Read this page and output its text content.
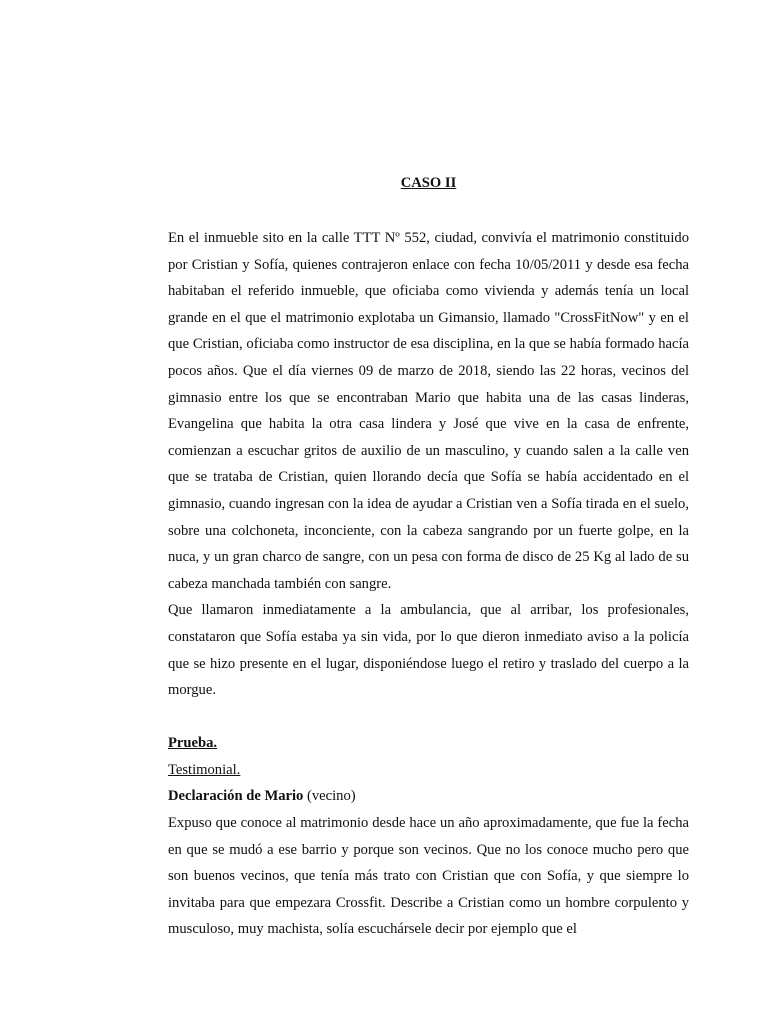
CASO II

En el inmueble sito en la calle TTT Nº 552, ciudad, convivía el matrimonio constituido por Cristian y Sofía, quienes contrajeron enlace con fecha 10/05/2011 y desde esa fecha habitaban el referido inmueble, que oficiaba como vivienda y además tenía un local grande en el que el matrimonio explotaba un Gimansio, llamado "CrossFitNow" y en el que Cristian, oficiaba como instructor de esa disciplina, en la que se había formado hacía pocos años. Que el día viernes 09 de marzo de 2018, siendo las 22 horas, vecinos del gimnasio entre los que se encontraban Mario que habita una de las casas linderas, Evangelina que habita la otra casa lindera y José que vive en la casa de enfrente, comienzan a escuchar gritos de auxilio de un masculino, y cuando salen a la calle ven que se trataba de Cristian, quien llorando decía que Sofía se había accidentado en el gimnasio, cuando ingresan con la idea de ayudar a Cristian ven a Sofía tirada en el suelo, sobre una colchoneta, inconciente, con la cabeza sangrando por un fuerte golpe, en la nuca, y un gran charco de sangre, con un pesa con forma de disco de 25 Kg al lado de su cabeza manchada también con sangre.

Que llamaron inmediatamente a la ambulancia, que al arribar, los profesionales, constataron que Sofía estaba ya sin vida, por lo que dieron inmediato aviso a la policía que se hizo presente en el lugar, disponiéndose luego el retiro y traslado del cuerpo a la morgue.

Prueba.

Testimonial.

Declaración de Mario (vecino)

Expuso que conoce al matrimonio desde hace un año aproximadamente, que fue la fecha en que se mudó a ese barrio y porque son vecinos. Que no los conoce mucho pero que son buenos vecinos, que tenía más trato con Cristian que con Sofía, y que siempre lo invitaba para que empezara Crossfit. Describe a Cristian como un hombre corpulento y musculoso, muy machista, solía escuchársele decir por ejemplo que el
